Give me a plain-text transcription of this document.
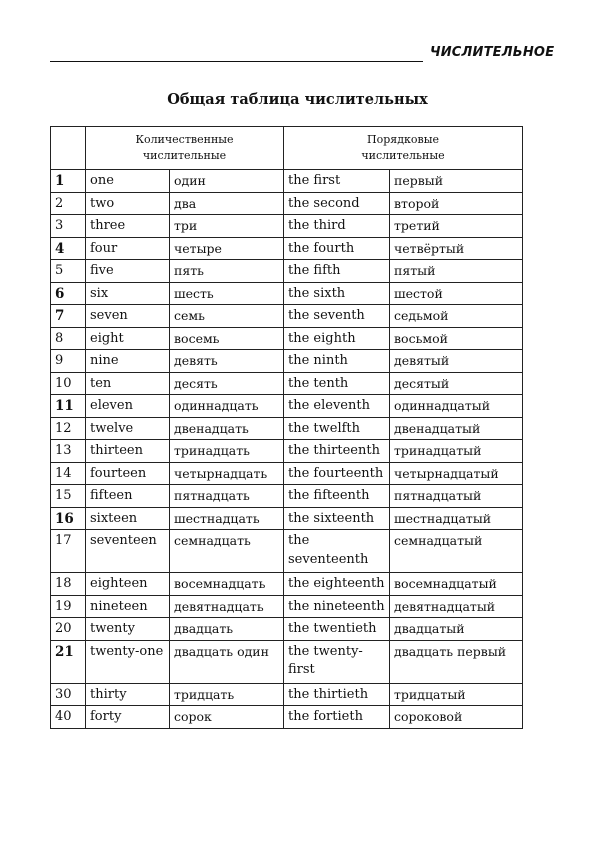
ЧИСЛИТЕЛЬНОЕ
Общая таблица числительных
	Количественные числительные		Порядковые числительные	
1	one	один	the first	первый
2	two	два	the second	второй
3	three	три	the third	третий
4	four	четыре	the fourth	четвёртый
5	five	пять	the fifth	пятый
6	six	шесть	the sixth	шестой
7	seven	семь	the seventh	седьмой
8	eight	восемь	the eighth	восьмой
9	nine	девять	the ninth	девятый
10	ten	десять	the tenth	десятый
11	eleven	одиннадцать	the eleventh	одиннадцатый
12	twelve	двенадцать	the twelfth	двенадцатый
13	thirteen	тринадцать	the thirteenth	тринадцатый
14	fourteen	четырнадцать	the fourteenth	четырнадцатый
15	fifteen	пятнадцать	the fifteenth	пятнадцатый
16	sixteen	шестнадцать	the sixteenth	шестнадцатый
17	seventeen	семнадцать	the seventeenth	семнадцатый
18	eighteen	восемнадцать	the eighteenth	восемнадцатый
19	nineteen	девятнадцать	the nineteenth	девятнадцатый
20	twenty	двадцать	the twentieth	двадцатый
21	twenty-one	двадцать один	the twenty-first	двадцать первый
30	thirty	тридцать	the thirtieth	тридцатый
40	forty	сорок	the fortieth	сороковой
